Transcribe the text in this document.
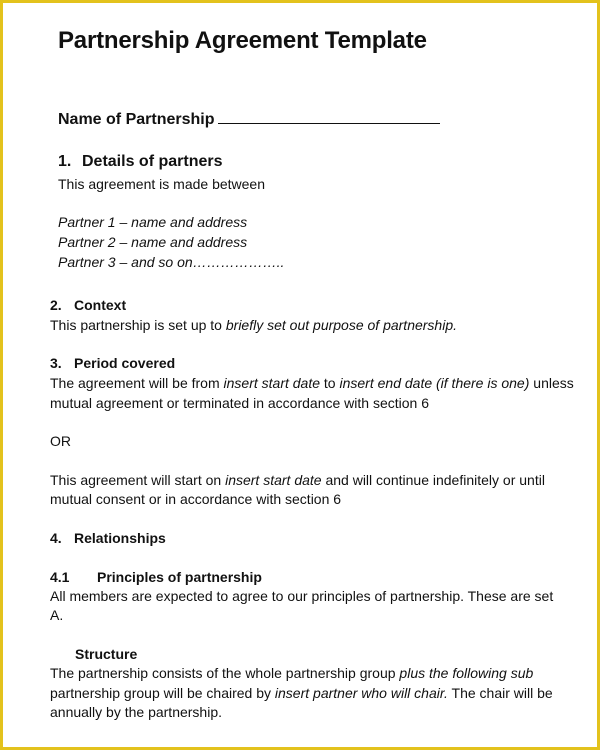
Partnership Agreement Template
Name of Partnership
1. Details of partners
This agreement is made between
Partner 1 – name and address
Partner 2 – name and address
Partner 3 – and so on………………..
2. Context
This partnership is set up to briefly set out purpose of partnership.
3. Period covered
The agreement will be from insert start date to insert end date (if there is one) unless
mutual agreement or terminated in accordance with section 6
OR
This agreement will start on insert start date and will continue indefinitely or until
mutual consent or in accordance with section 6
4. Relationships
4.1 Principles of partnership
All members are expected to agree to our principles of partnership. These are set
A.
Structure
The partnership consists of the whole partnership group plus the following sub
partnership group will be chaired by insert partner who will chair. The chair will be
annually by the partnership.
